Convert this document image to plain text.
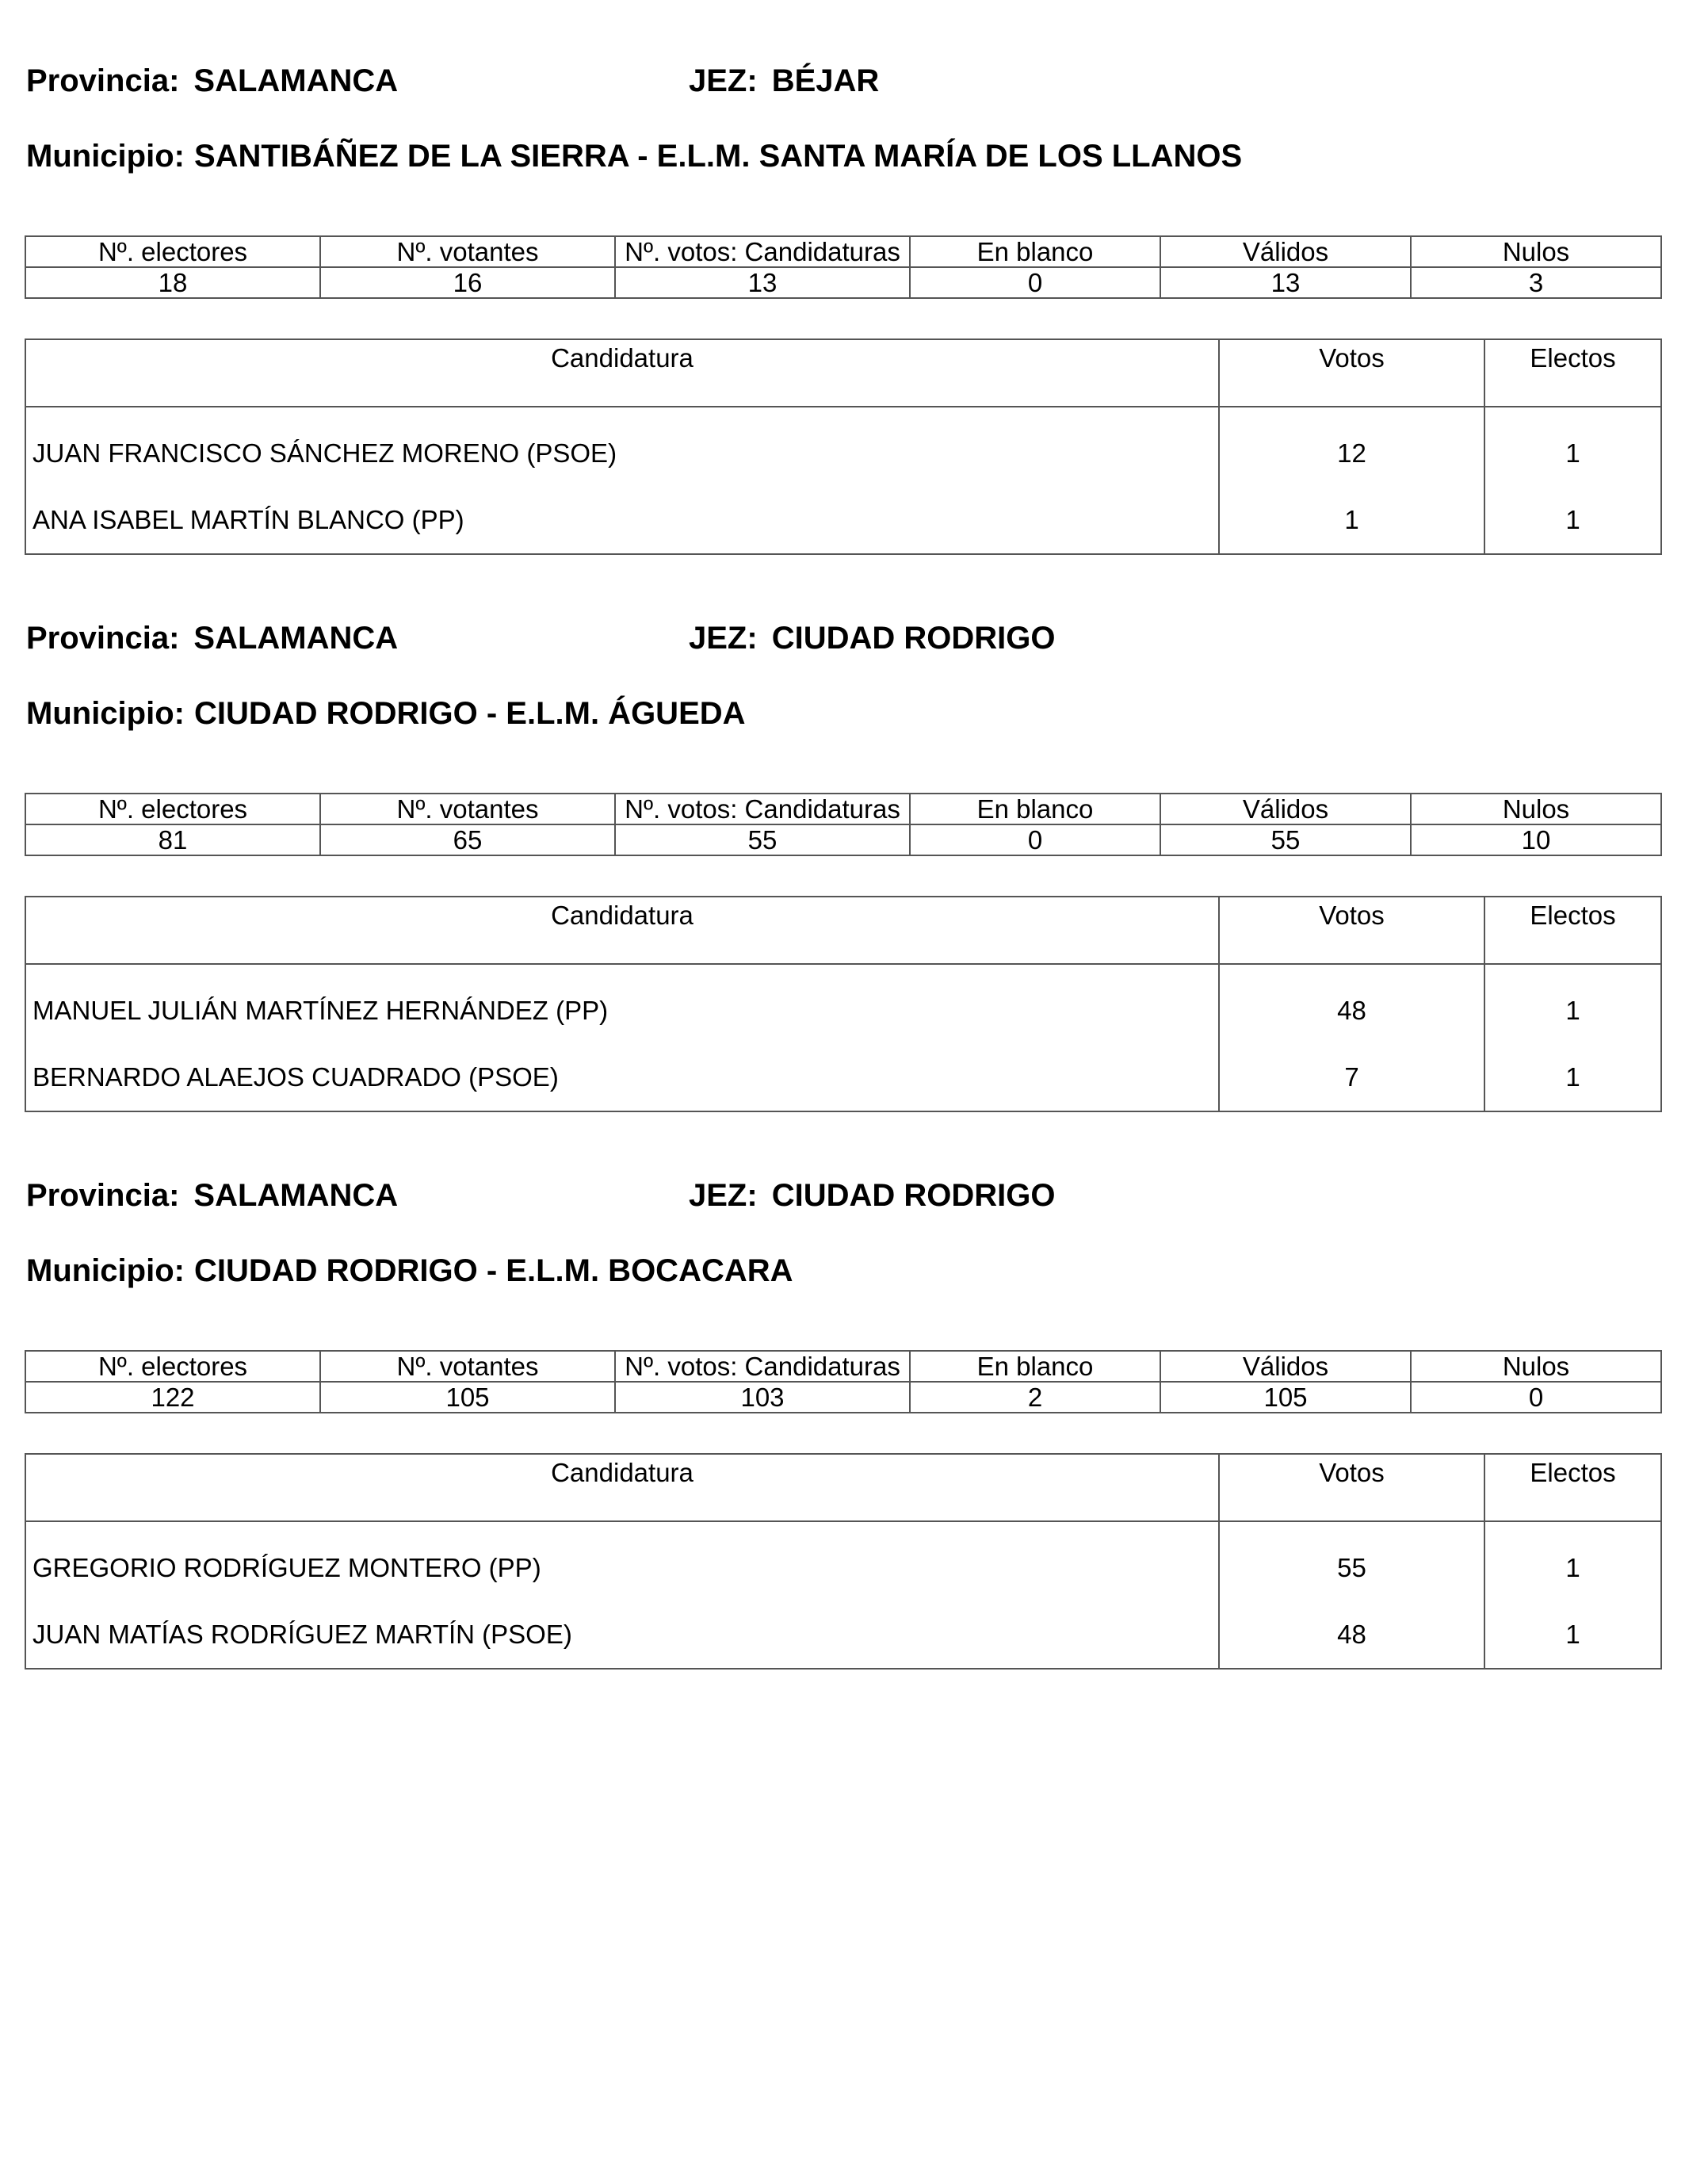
Provincia: SALAMANCA	JEZ: BÉJAR
Municipio: SANTIBÁÑEZ DE LA SIERRA - E.L.M. SANTA MARÍA DE LOS LLANOS
Nº. electores	Nº. votantes	Nº. votos: Candidaturas	En blanco	Válidos	Nulos
18	16	13	0	13	3
Candidatura	Votos	Electos
JUAN FRANCISCO SÁNCHEZ MORENO (PSOE)	12	1
ANA ISABEL MARTÍN BLANCO (PP)	1	1
Provincia: SALAMANCA	JEZ: CIUDAD RODRIGO
Municipio: CIUDAD RODRIGO - E.L.M. ÁGUEDA
Nº. electores	Nº. votantes	Nº. votos: Candidaturas	En blanco	Válidos	Nulos
81	65	55	0	55	10
Candidatura	Votos	Electos
MANUEL JULIÁN MARTÍNEZ HERNÁNDEZ (PP)	48	1
BERNARDO ALAEJOS CUADRADO (PSOE)	7	1
Provincia: SALAMANCA	JEZ: CIUDAD RODRIGO
Municipio: CIUDAD RODRIGO - E.L.M. BOCACARA
Nº. electores	Nº. votantes	Nº. votos: Candidaturas	En blanco	Válidos	Nulos
122	105	103	2	105	0
Candidatura	Votos	Electos
GREGORIO RODRÍGUEZ MONTERO (PP)	55	1
JUAN MATÍAS RODRÍGUEZ MARTÍN (PSOE)	48	1
